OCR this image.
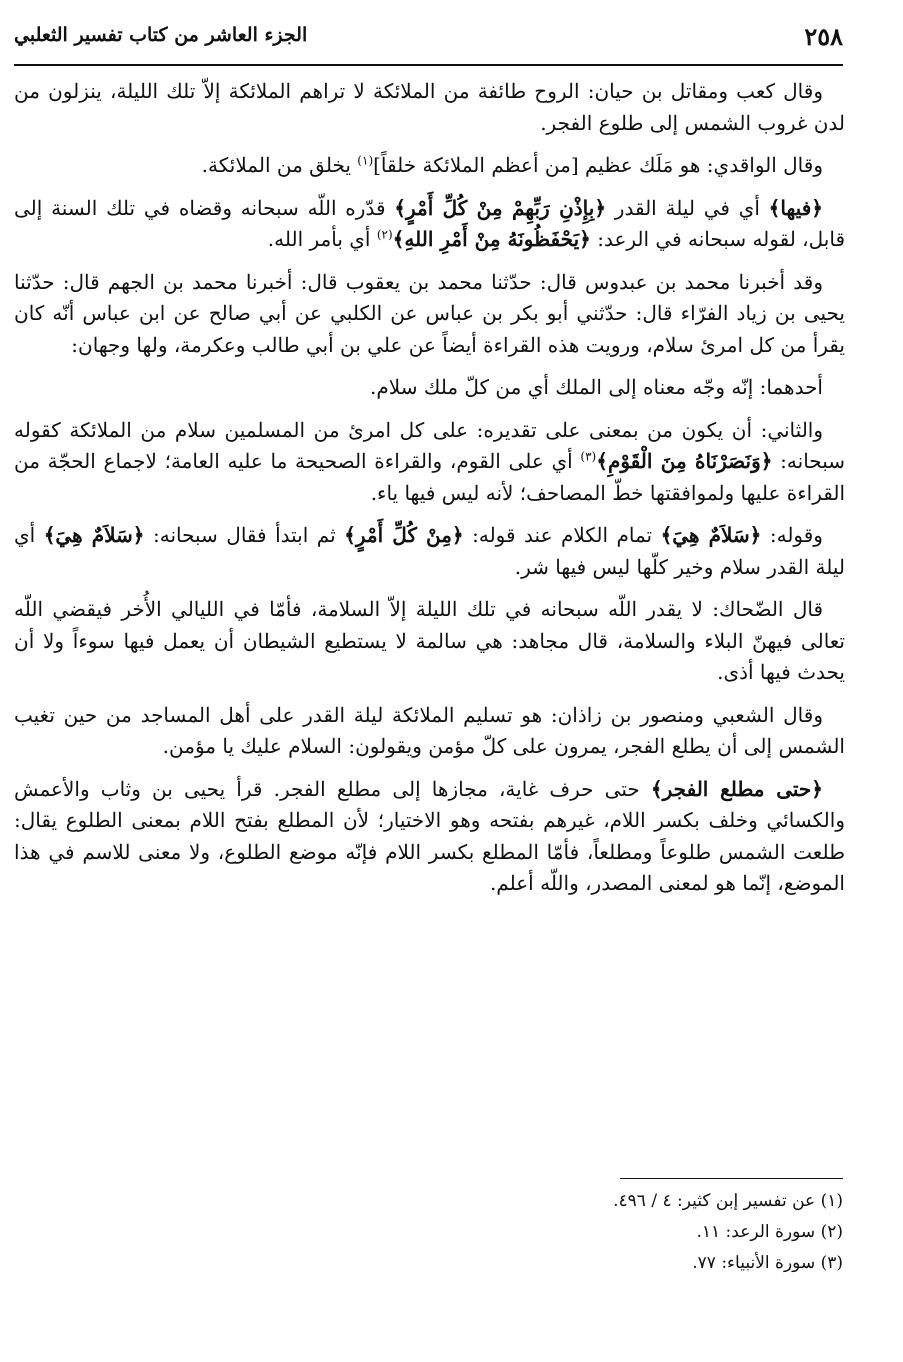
٢٥٨
الجزء العاشر من كتاب تفسير الثعلبي

وقال كعب ومقاتل بن حيان: الروح طائفة من الملائكة لا تراهم الملائكة إلاّ تلك الليلة، ينزلون من لدن غروب الشمس إلى طلوع الفجر.

وقال الواقدي: هو مَلَك عظيم [من أعظم الملائكة خلقاً]$^{(١)}$ يخلق من الملائكة.

﴿فيها﴾ أي في ليلة القدر ﴿بِإِذْنِ رَبِّهِمْ مِنْ كُلِّ أَمْرٍ﴾ قدّره اللّه سبحانه وقضاه في تلك السنة إلى قابل، لقوله سبحانه في الرعد: ﴿يَحْفَظُونَهُ مِنْ أَمْرِ اللهِ﴾$^{(٢)}$ أي بأمر الله.

وقد أخبرنا محمد بن عبدوس قال: حدّثنا محمد بن يعقوب قال: أخبرنا محمد بن الجهم قال: حدّثنا يحيى بن زياد الفرّاء قال: حدّثني أبو بكر بن عباس عن الكلبي عن أبي صالح عن ابن عباس أنّه كان يقرأ من كل امرئ سلام، ورويت هذه القراءة أيضاً عن علي بن أبي طالب وعكرمة، ولها وجهان:

أحدهما: إنّه وجّه معناه إلى الملك أي من كلّ ملك سلام.

والثاني: أن يكون من بمعنى على تقديره: على كل امرئ من المسلمين سلام من الملائكة كقوله سبحانه: ﴿وَنَصَرْنَاهُ مِنَ الْقَوْمِ﴾$^{(٣)}$ أي على القوم، والقراءة الصحيحة ما عليه العامة؛ لاجماع الحجّة من القراءة عليها ولموافقتها خطّ المصاحف؛ لأنه ليس فيها ياء.

وقوله: ﴿سَلاَمٌ هِيَ﴾ تمام الكلام عند قوله: ﴿مِنْ كُلِّ أَمْرٍ﴾ ثم ابتدأ فقال سبحانه: ﴿سَلاَمٌ هِيَ﴾ أي ليلة القدر سلام وخير كلّها ليس فيها شر.

قال الضّحاك: لا يقدر اللّه سبحانه في تلك الليلة إلاّ السلامة، فأمّا في الليالي الأُخر فيقضي اللّه تعالى فيهنّ البلاء والسلامة، قال مجاهد: هي سالمة لا يستطيع الشيطان أن يعمل فيها سوءاً ولا أن يحدث فيها أذى.

وقال الشعبي ومنصور بن زاذان: هو تسليم الملائكة ليلة القدر على أهل المساجد من حين تغيب الشمس إلى أن يطلع الفجر، يمرون على كلّ مؤمن ويقولون: السلام عليك يا مؤمن.

﴿حتى مطلع الفجر﴾ حتى حرف غاية، مجازها إلى مطلع الفجر. قرأ يحيى بن وثاب والأعمش والكسائي وخلف بكسر اللام، غيرهم بفتحه وهو الاختيار؛ لأن المطلع بفتح اللام بمعنى الطلوع يقال: طلعت الشمس طلوعاً ومطلعاً، فأمّا المطلع بكسر اللام فإنّه موضع الطلوع، ولا معنى للاسم في هذا الموضع، إنّما هو لمعنى المصدر، واللّه أعلم.

(١) عن تفسير إبن كثير: ٤ / ٤٩٦.
(٢) سورة الرعد: ١١.
(٣) سورة الأنبياء: ٧٧.
